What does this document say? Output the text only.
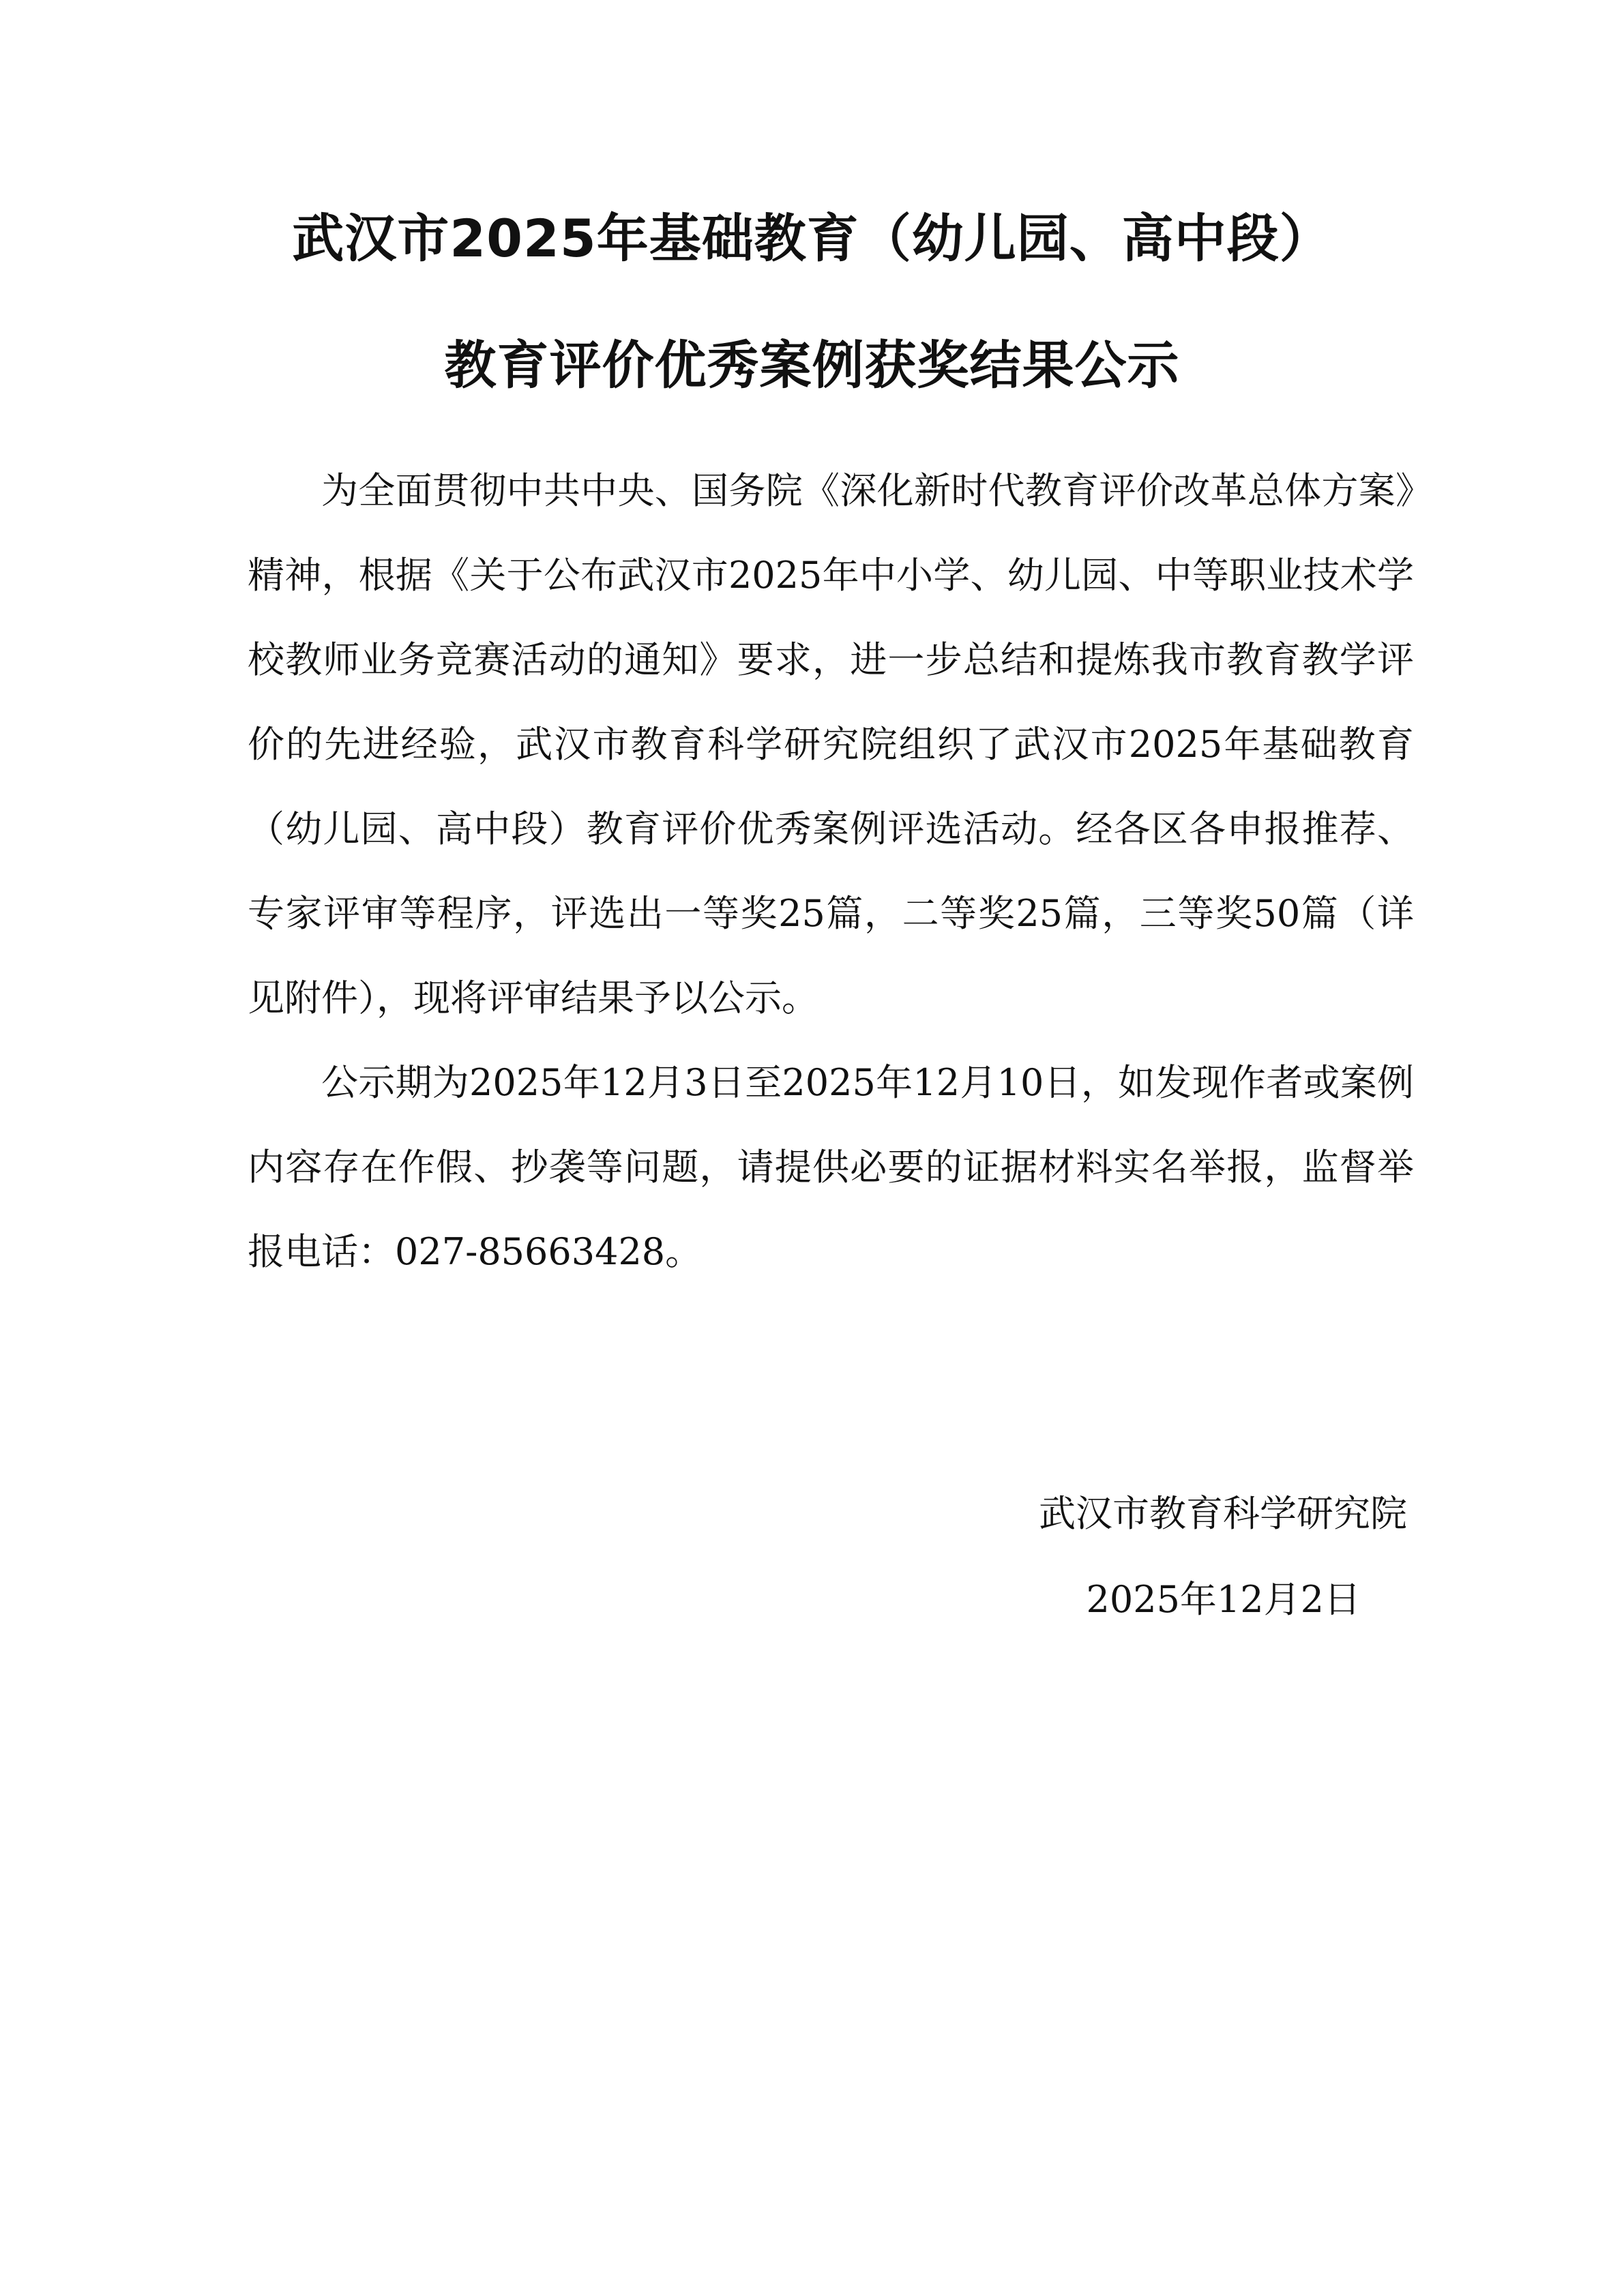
武汉市2025年基础教育（幼儿园、高中段）
教育评价优秀案例获奖结果公示

为全面贯彻中共中央、国务院《深化新时代教育评价改革总体方案》精神，根据《关于公布武汉市2025年中小学、幼儿园、中等职业技术学校教师业务竞赛活动的通知》要求，进一步总结和提炼我市教育教学评价的先进经验，武汉市教育科学研究院组织了武汉市2025年基础教育（幼儿园、高中段）教育评价优秀案例评选活动。经各区各申报推荐、专家评审等程序，评选出一等奖25篇，二等奖25篇，三等奖50篇（详见附件），现将评审结果予以公示。

公示期为2025年12月3日至2025年12月10日，如发现作者或案例内容存在作假、抄袭等问题，请提供必要的证据材料实名举报，监督举报电话：027-85663428。

武汉市教育科学研究院
2025年12月2日
